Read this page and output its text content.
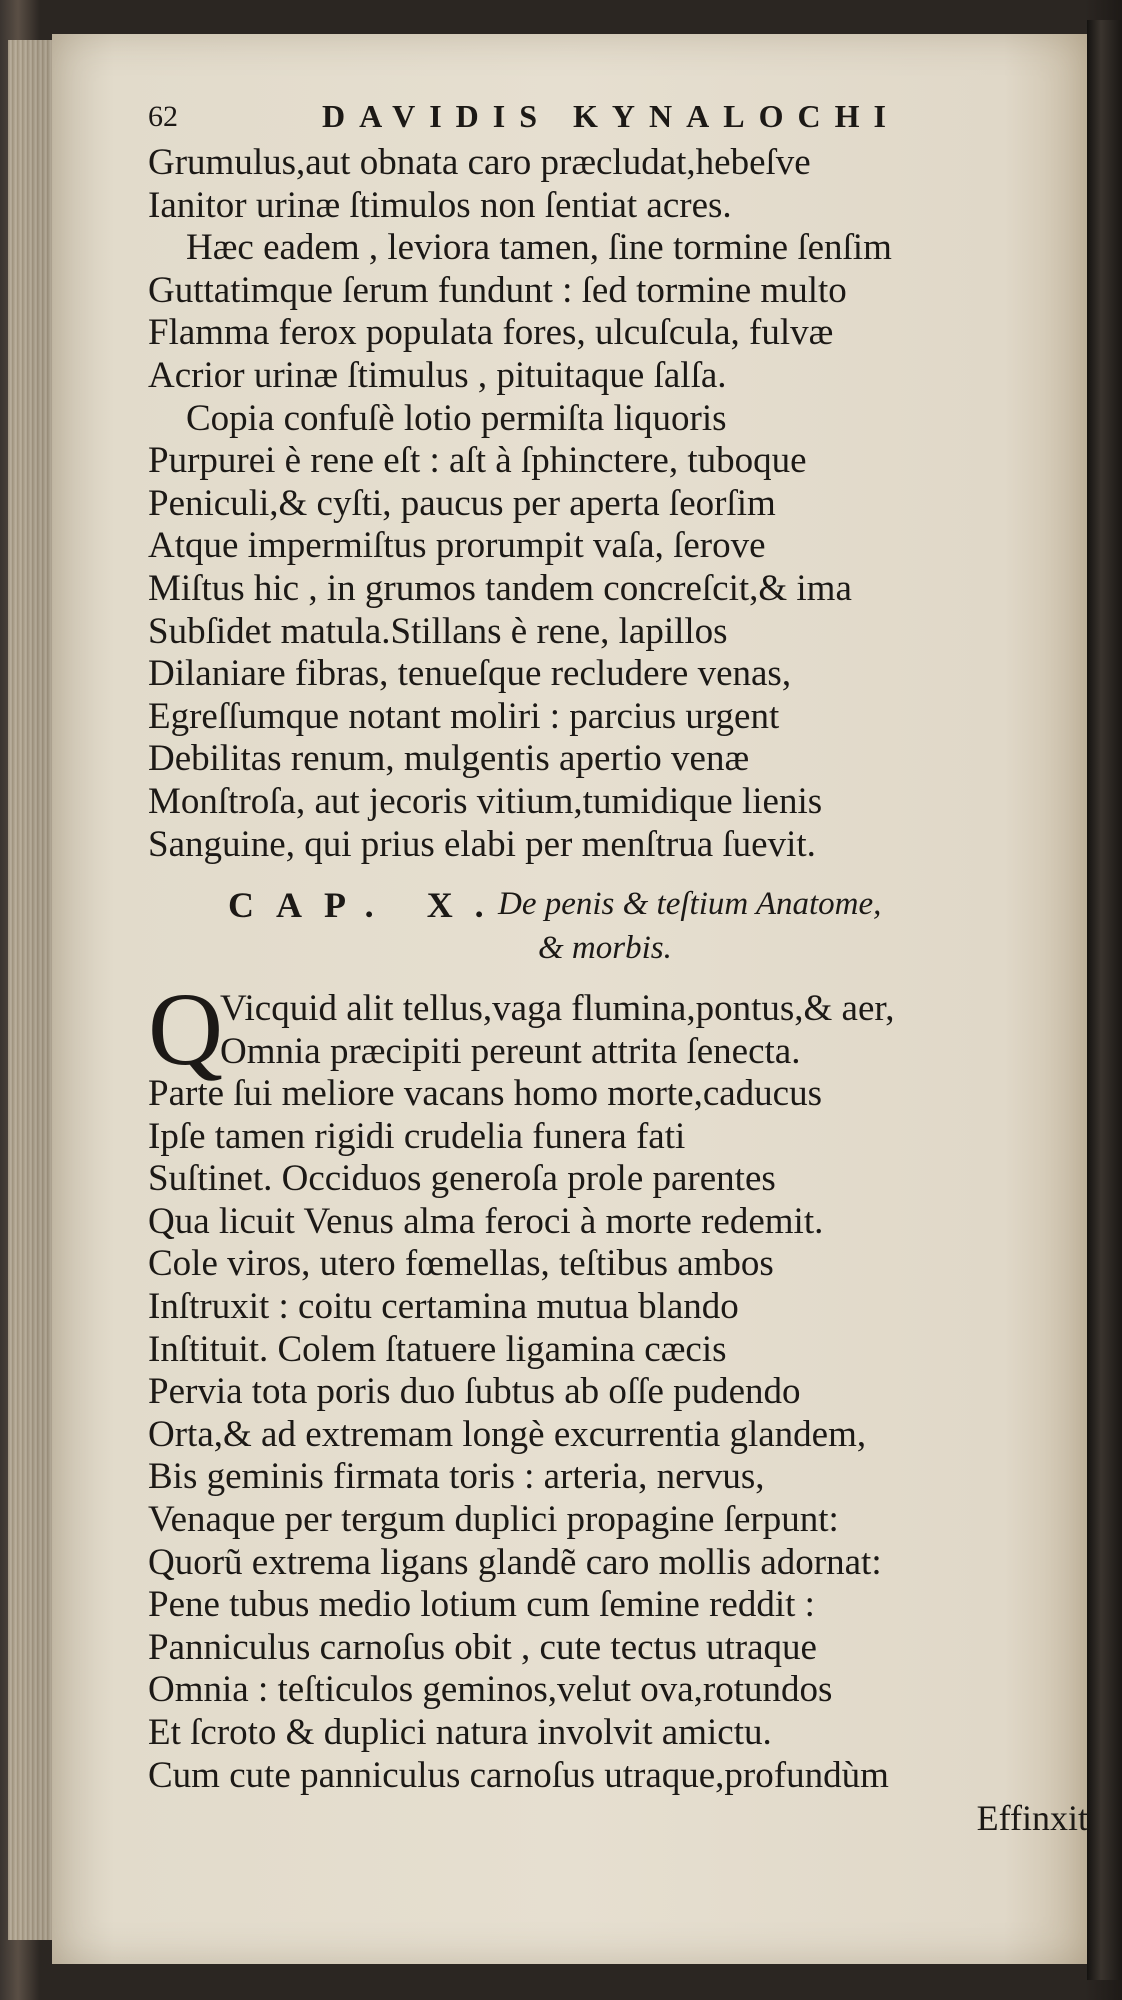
62	DAVIDIS KYNALOCHI
Grumulus,aut obnata caro præcludat,hebeſve
Ianitor urinæ ſtimulos non ſentiat acres.
Hæc eadem , leviora tamen, ſine tormine ſenſim
Guttatimque ſerum fundunt : ſed tormine multo
Flamma ferox populata fores, ulcuſcula, fulvæ
Acrior urinæ ſtimulus , pituitaque ſalſa.
Copia confuſè lotio permiſta liquoris
Purpurei è rene eſt : aſt à ſphinctere, tuboque
Peniculi,& cyſti, paucus per aperta ſeorſim
Atque impermiſtus prorumpit vaſa, ſerove
Miſtus hic , in grumos tandem concreſcit,& ima
Subſidet matula.Stillans è rene, lapillos
Dilaniare fibras, tenueſque recludere venas,
Egreſſumque notant moliri : parcius urgent
Debilitas renum, mulgentis apertio venæ
Monſtroſa, aut jecoris vitium,tumidique lienis
Sanguine, qui prius elabi per menſtrua ſuevit.
CAP. X.
De penis & teſtium Anatome,
& morbis.
Q
Vicquid alit tellus,vaga flumina,pontus,& aer,
Omnia præcipiti pereunt attrita ſenecta.
Parte ſui meliore vacans homo morte,caducus
Ipſe tamen rigidi crudelia funera fati
Suſtinet. Occiduos generoſa prole parentes
Qua licuit Venus alma feroci à morte redemit.
Cole viros, utero fœmellas, teſtibus ambos
Inſtruxit : coitu certamina mutua blando
Inſtituit. Colem ſtatuere ligamina cæcis
Pervia tota poris duo ſubtus ab oſſe pudendo
Orta,& ad extremam longè excurrentia glandem,
Bis geminis firmata toris : arteria, nervus,
Venaque per tergum duplici propagine ſerpunt:
Quorũ extrema ligans glandẽ caro mollis adornat:
Pene tubus medio lotium cum ſemine reddit :
Panniculus carnoſus obit , cute tectus utraque
Omnia : teſticulos geminos,velut ova,rotundos
Et ſcroto & duplici natura involvit amictu.
Cum cute panniculus carnoſus utraque,profundùm
Effinxit
